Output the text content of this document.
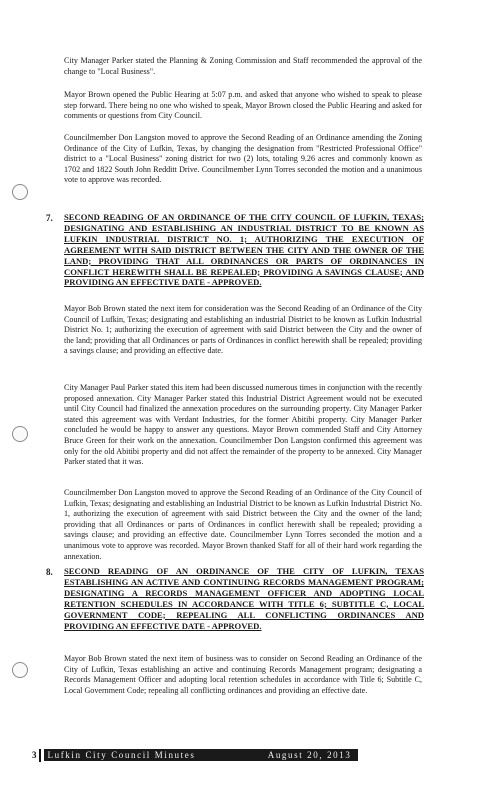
City Manager Parker stated the Planning & Zoning Commission and Staff recommended the approval of the change to "Local Business".

Mayor Brown opened the Public Hearing at 5:07 p.m. and asked that anyone who wished to speak to please step forward. There being no one who wished to speak, Mayor Brown closed the Public Hearing and asked for comments or questions from City Council.

Councilmember Don Langston moved to approve the Second Reading of an Ordinance amending the Zoning Ordinance of the City of Lufkin, Texas, by changing the designation from "Restricted Professional Office" district to a "Local Business" zoning district for two (2) lots, totaling 9.26 acres and commonly known as 1702 and 1822 South John Redditt Drive. Councilmember Lynn Torres seconded the motion and a unanimous vote to approve was recorded.

7. SECOND READING OF AN ORDINANCE OF THE CITY COUNCIL OF LUFKIN, TEXAS; DESIGNATING AND ESTABLISHING AN INDUSTRIAL DISTRICT TO BE KNOWN AS LUFKIN INDUSTRIAL DISTRICT NO. 1; AUTHORIZING THE EXECUTION OF AGREEMENT WITH SAID DISTRICT BETWEEN THE CITY AND THE OWNER OF THE LAND; PROVIDING THAT ALL ORDINANCES OR PARTS OF ORDINANCES IN CONFLICT HEREWITH SHALL BE REPEALED; PROVIDING A SAVINGS CLAUSE; AND PROVIDING AN EFFECTIVE DATE - APPROVED.

Mayor Bob Brown stated the next item for consideration was the Second Reading of an Ordinance of the City Council of Lufkin, Texas; designating and establishing an industrial District to be known as Lufkin Industrial District No. 1; authorizing the execution of agreement with said District between the City and the owner of the land; providing that all Ordinances or parts of Ordinances in conflict herewith shall be repealed; providing a savings clause; and providing an effective date.

City Manager Paul Parker stated this item had been discussed numerous times in conjunction with the recently proposed annexation. City Manager Parker stated this Industrial District Agreement would not be executed until City Council had finalized the annexation procedures on the surrounding property. City Manager Parker stated this agreement was with Verdant Industries, for the former Abitibi property. City Manager Parker concluded he would be happy to answer any questions. Mayor Brown commended Staff and City Attorney Bruce Green for their work on the annexation. Councilmember Don Langston confirmed this agreement was only for the old Abitibi property and did not affect the remainder of the property to be annexed. City Manager Parker stated that it was.

Councilmember Don Langston moved to approve the Second Reading of an Ordinance of the City Council of Lufkin, Texas; designating and establishing an Industrial District to be known as Lufkin Industrial District No. 1, authorizing the execution of agreement with said District between the City and the owner of the land; providing that all Ordinances or parts of Ordinances in conflict herewith shall be repealed; providing a savings clause; and providing an effective date. Councilmember Lynn Torres seconded the motion and a unanimous vote to approve was recorded. Mayor Brown thanked Staff for all of their hard work regarding the annexation.

8. SECOND READING OF AN ORDINANCE OF THE CITY OF LUFKIN, TEXAS ESTABLISHING AN ACTIVE AND CONTINUING RECORDS MANAGEMENT PROGRAM; DESIGNATING A RECORDS MANAGEMENT OFFICER AND ADOPTING LOCAL RETENTION SCHEDULES IN ACCORDANCE WITH TITLE 6; SUBTITLE C, LOCAL GOVERNMENT CODE; REPEALING ALL CONFLICTING ORDINANCES AND PROVIDING AN EFFECTIVE DATE - APPROVED.

Mayor Bob Brown stated the next item of business was to consider on Second Reading an Ordinance of the City of Lufkin, Texas establishing an active and continuing Records Management program; designating a Records Management Officer and adopting local retention schedules in accordance with Title 6; Subtitle C, Local Government Code; repealing all conflicting ordinances and providing an effective date.

3 Lufkin City Council Minutes	August 20, 2013
